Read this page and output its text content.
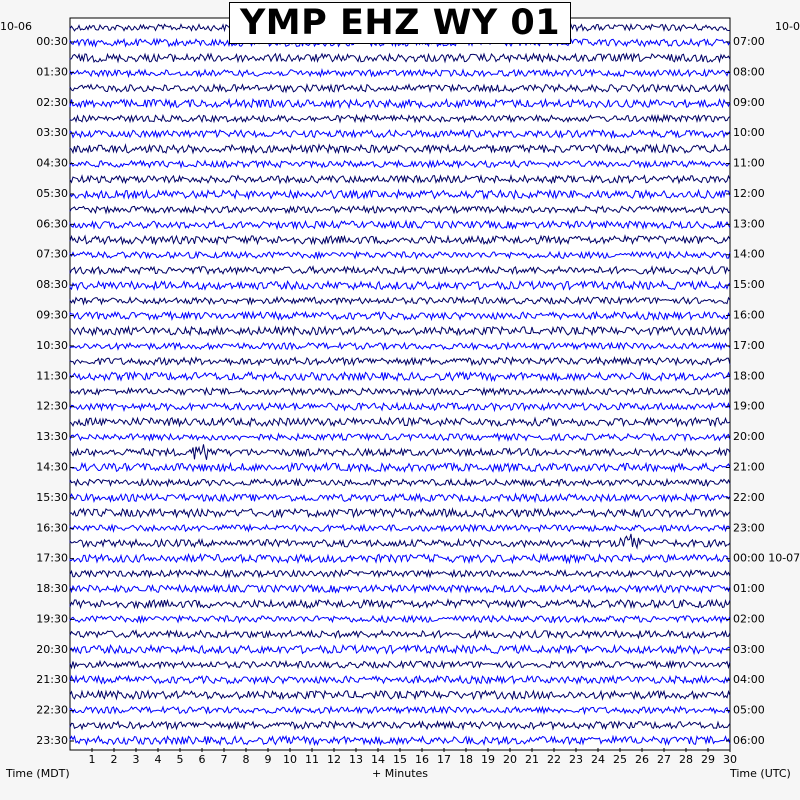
00:30
01:30
02:30
03:30
04:30
05:30
06:30
07:30
08:30
09:30
10:30
11:30
12:30
13:30
14:30
15:30
16:30
17:30
18:30
19:30
20:30
21:30
22:30
23:30
07:00
08:00
09:00
10:00
11:00
12:00
13:00
14:00
15:00
16:00
17:00
18:00
19:00
20:00
21:00
22:00
23:00
00:00 10-07
01:00
02:00
03:00
04:00
05:00
06:00
1 2 3 4 5 6 7 8 9 10 11 12 13 14 15 16 17 18 19 20 21 22 23 24 25 26 27 28 29 30
10-06	10-0
YMP EHZ WY 01
Time (MDT)	+ Minutes	Time (UTC)
